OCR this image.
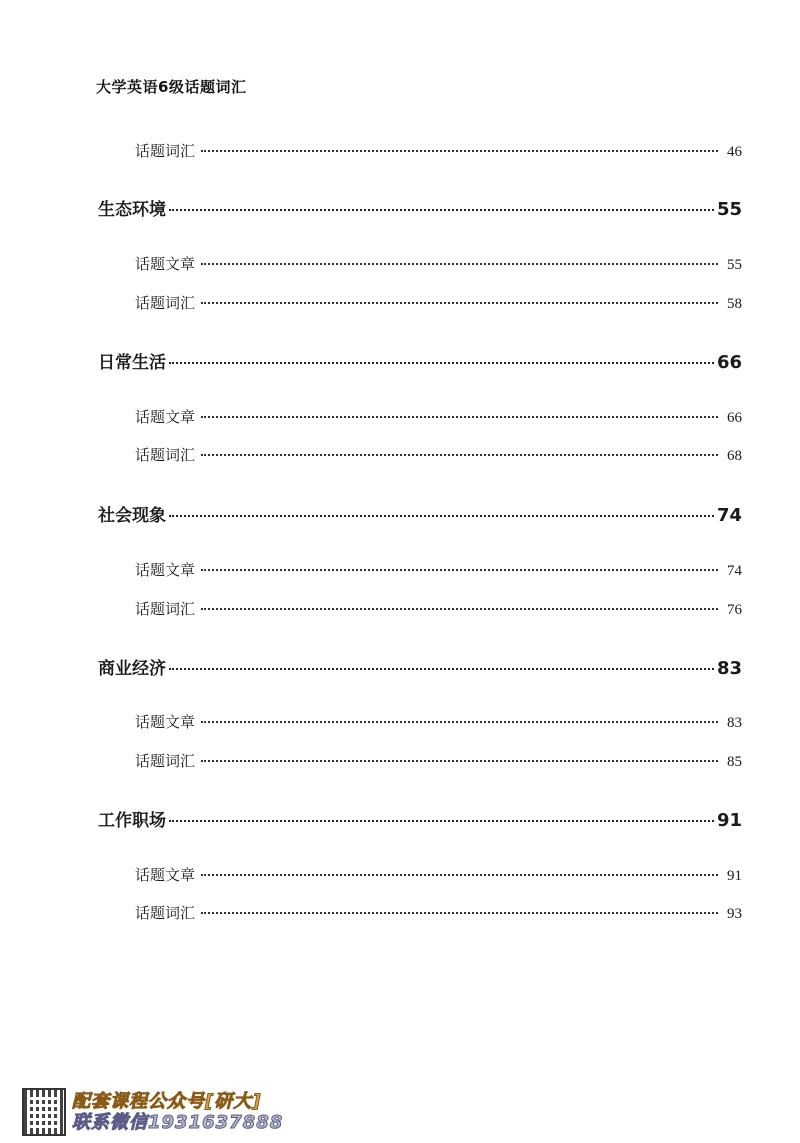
大学英语6级话题词汇
话题词汇	46
生态环境	55
话题文章	55
话题词汇	58
日常生活	66
话题文章	66
话题词汇	68
社会现象	74
话题文章	74
话题词汇	76
商业经济	83
话题文章	83
话题词汇	85
工作职场	91
话题文章	91
话题词汇	93
配套课程公众号[研大]
联系微信1931637888
